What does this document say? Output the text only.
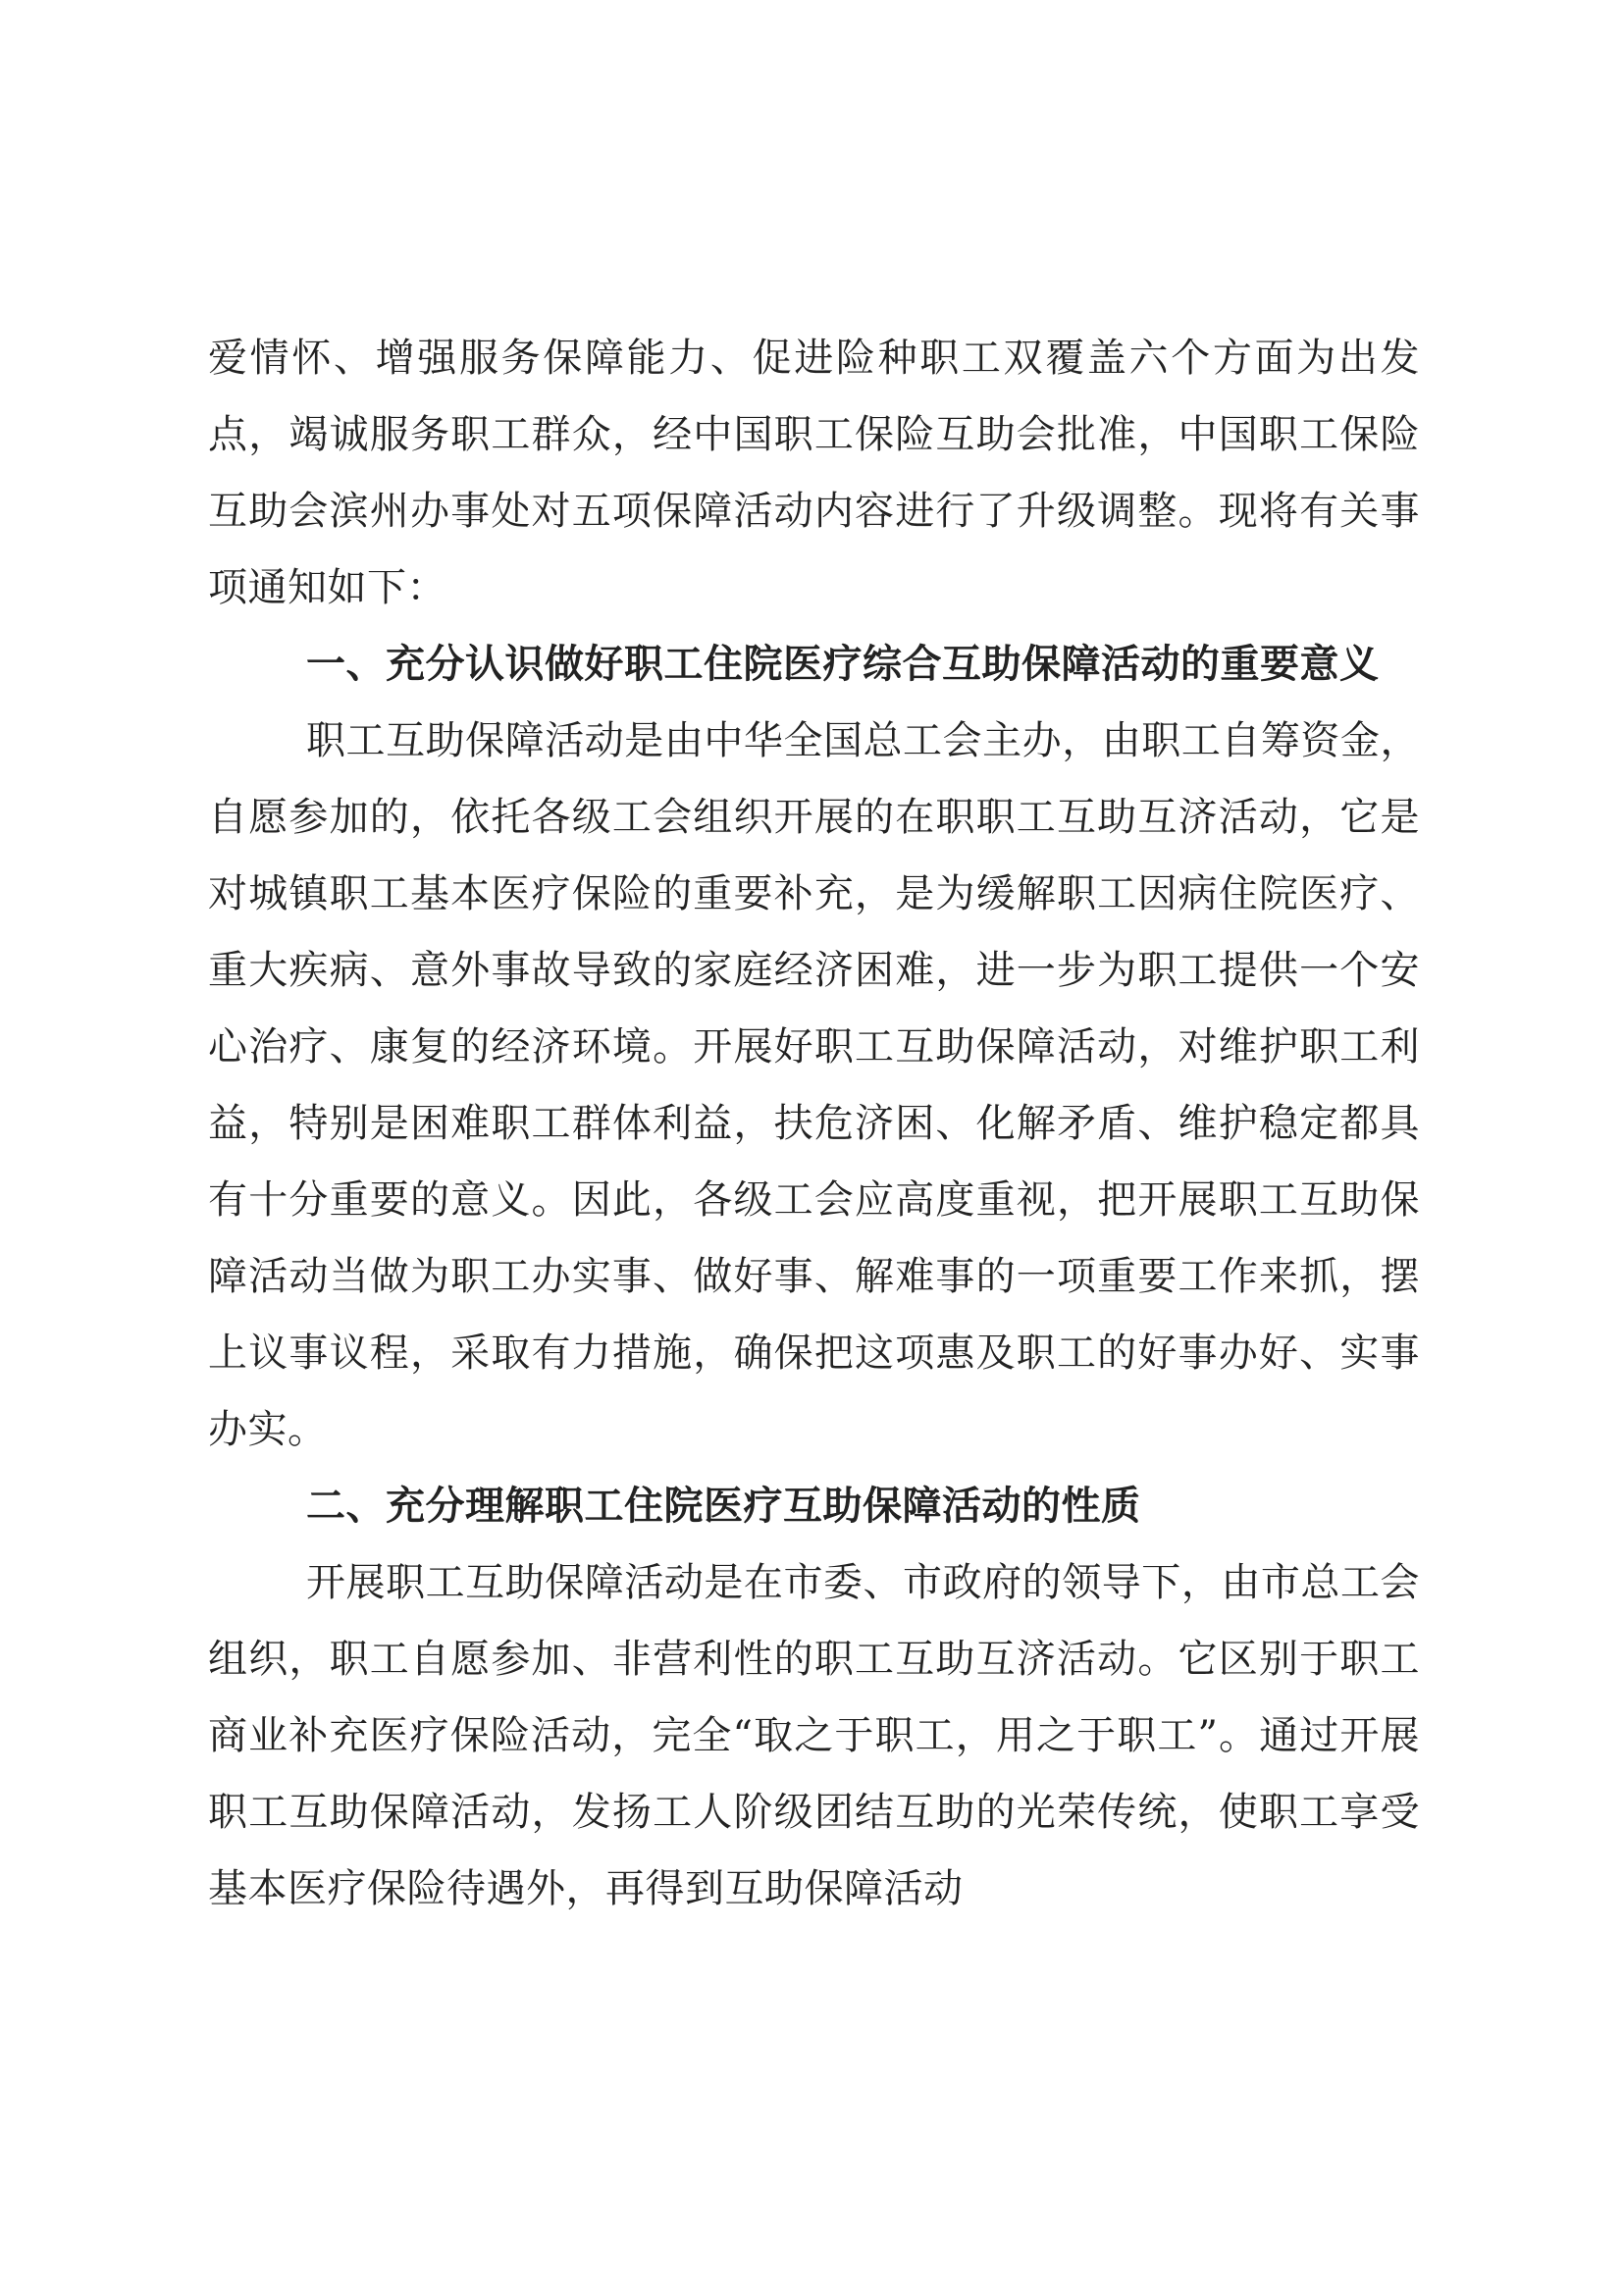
爱情怀、增强服务保障能力、促进险种职工双覆盖六个方面为出发点，竭诚服务职工群众，经中国职工保险互助会批准，中国职工保险互助会滨州办事处对五项保障活动内容进行了升级调整。现将有关事项通知如下：

一、充分认识做好职工住院医疗综合互助保障活动的重要意义

职工互助保障活动是由中华全国总工会主办，由职工自筹资金，自愿参加的，依托各级工会组织开展的在职职工互助互济活动，它是对城镇职工基本医疗保险的重要补充，是为缓解职工因病住院医疗、重大疾病、意外事故导致的家庭经济困难，进一步为职工提供一个安心治疗、康复的经济环境。开展好职工互助保障活动，对维护职工利益，特别是困难职工群体利益，扶危济困、化解矛盾、维护稳定都具有十分重要的意义。因此，各级工会应高度重视，把开展职工互助保障活动当做为职工办实事、做好事、解难事的一项重要工作来抓，摆上议事议程，采取有力措施，确保把这项惠及职工的好事办好、实事办实。

二、充分理解职工住院医疗互助保障活动的性质

开展职工互助保障活动是在市委、市政府的领导下，由市总工会组织，职工自愿参加、非营利性的职工互助互济活动。它区别于职工商业补充医疗保险活动，完全“取之于职工，用之于职工”。通过开展职工互助保障活动，发扬工人阶级团结互助的光荣传统，使职工享受基本医疗保险待遇外，再得到互助保障活动
